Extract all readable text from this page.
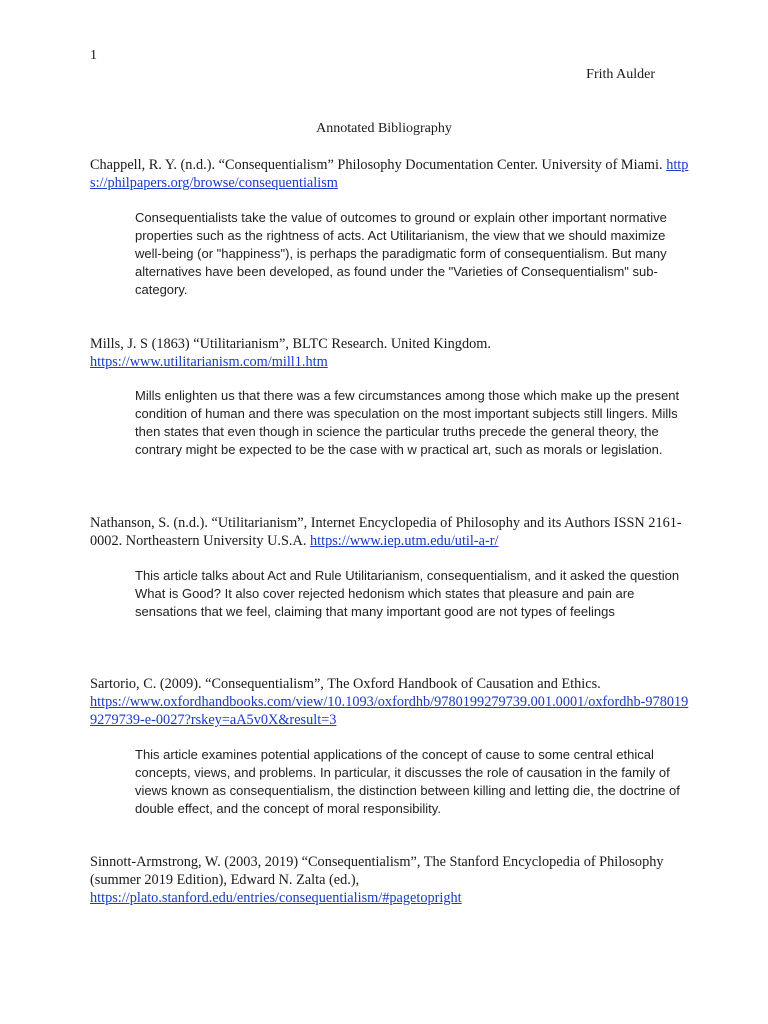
1
Frith Aulder
Annotated Bibliography
Chappell, R. Y. (n.d.). “Consequentialism” Philosophy Documentation Center. University of Miami. https://philpapers.org/browse/consequentialism
Consequentialists take the value of outcomes to ground or explain other important normative properties such as the rightness of acts. Act Utilitarianism, the view that we should maximize well-being (or "happiness"), is perhaps the paradigmatic form of consequentialism. But many alternatives have been developed, as found under the "Varieties of Consequentialism" sub-category.
Mills, J. S (1863) “Utilitarianism”, BLTC Research. United Kingdom.
https://www.utilitarianism.com/mill1.htm
Mills enlighten us that there was a few circumstances among those which make up the present condition of human and there was speculation on the most important subjects still lingers. Mills then states that even though in science the particular truths precede the general theory, the contrary might be expected to be the case with w practical art, such as morals or legislation.
Nathanson, S. (n.d.). “Utilitarianism”, Internet Encyclopedia of Philosophy and its Authors ISSN 2161-0002. Northeastern University U.S.A. https://www.iep.utm.edu/util-a-r/
This article talks about Act and Rule Utilitarianism, consequentialism, and it asked the question What is Good? It also cover rejected hedonism which states that pleasure and pain are sensations that we feel, claiming that many important good are not types of feelings
Sartorio, C. (2009). “Consequentialism”, The Oxford Handbook of Causation and Ethics.
https://www.oxfordhandbooks.com/view/10.1093/oxfordhb/9780199279739.001.0001/oxfordhb-9780199279739-e-0027?rskey=aA5v0X&result=3
This article examines potential applications of the concept of cause to some central ethical concepts, views, and problems. In particular, it discusses the role of causation in the family of views known as consequentialism, the distinction between killing and letting die, the doctrine of double effect, and the concept of moral responsibility.
Sinnott-Armstrong, W. (2003, 2019) “Consequentialism”, The Stanford Encyclopedia of Philosophy (summer 2019 Edition), Edward N. Zalta (ed.),
https://plato.stanford.edu/entries/consequentialism/#pagetopright
